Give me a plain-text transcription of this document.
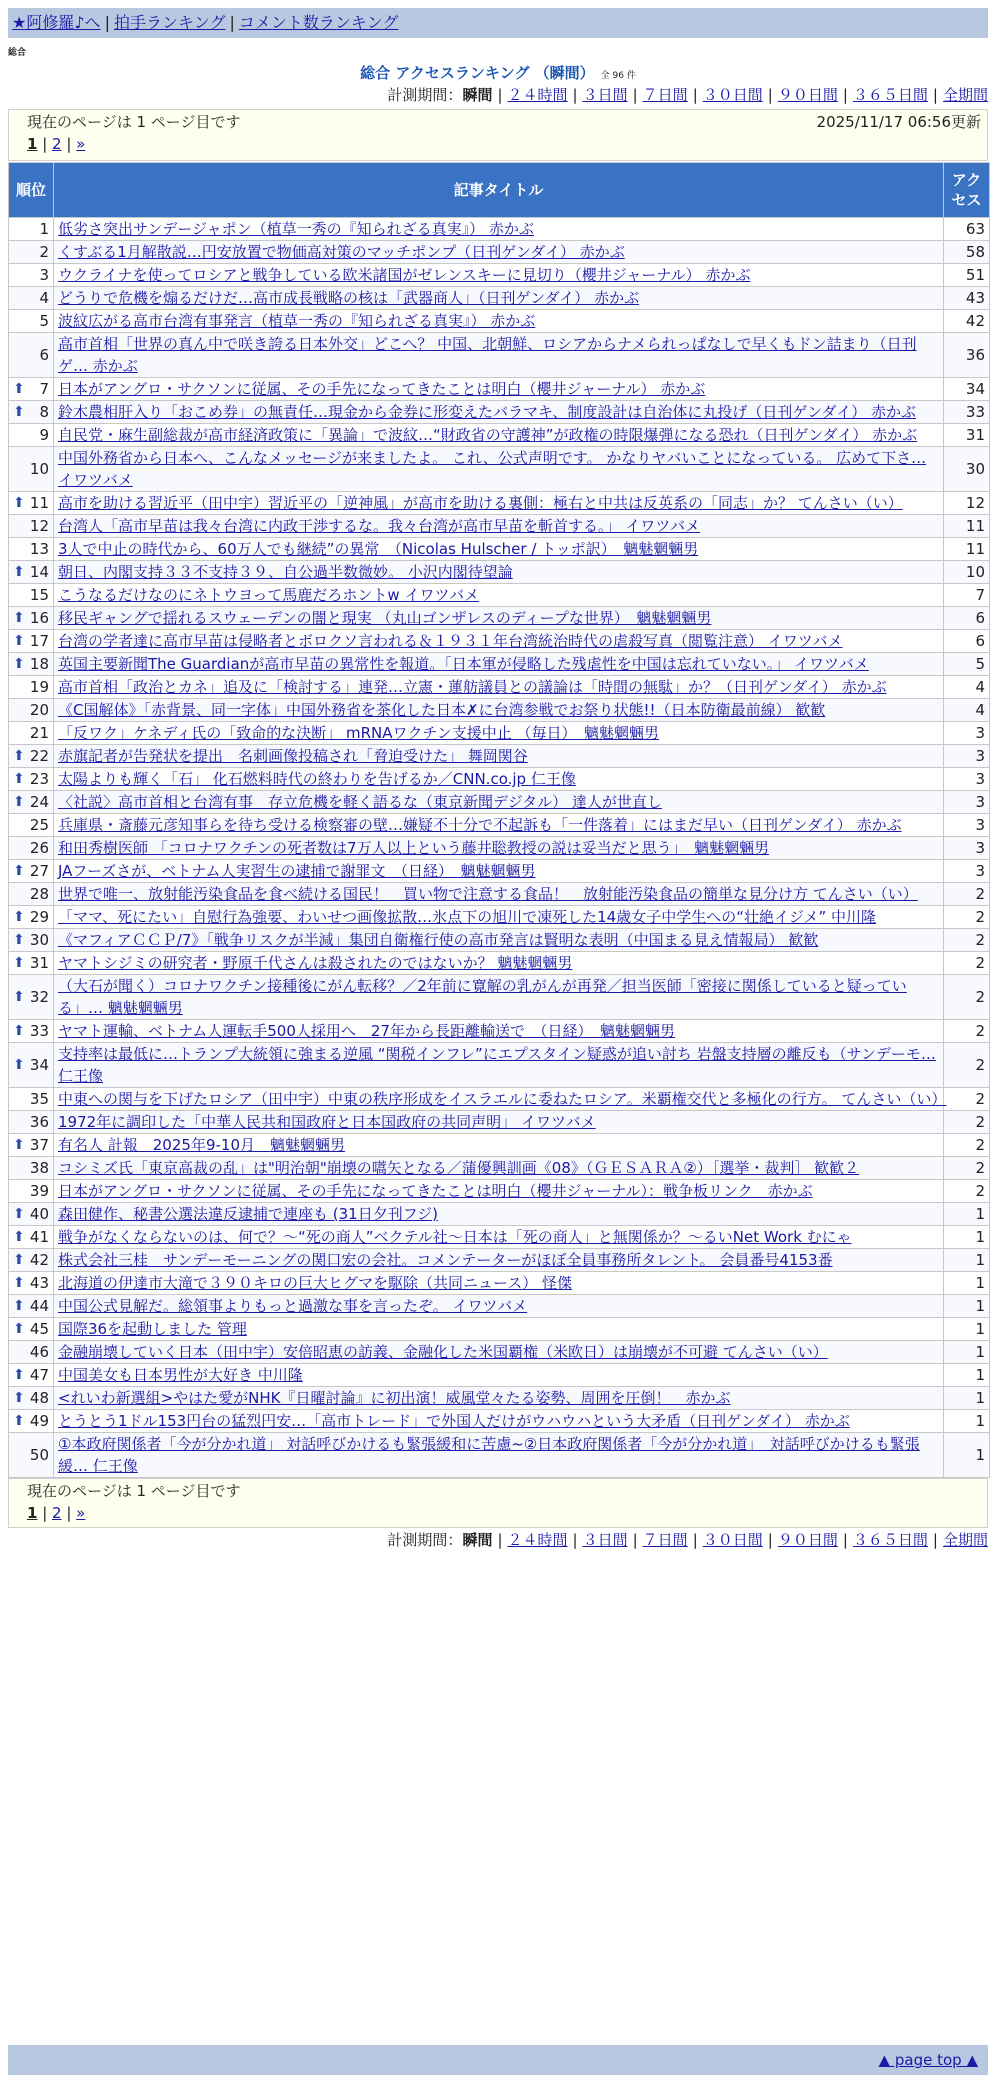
★阿修羅♪へ | 拍手ランキング | コメント数ランキング
総合
総合 アクセスランキング （瞬間） 全 96 件
計測期間：瞬間 | ２４時間 | ３日間 | ７日間 | ３０日間 | ９０日間 | ３６５日間 | 全期間
現在のページは 1 ページ目です	2025/11/17 06:56更新
1 | 2 | »
順位	記事タイトル	アクセス
1	低劣さ突出サンデージャポン（植草一秀の『知られざる真実』） 赤かぶ	63
2	くすぶる1月解散説…円安放置で物価高対策のマッチポンプ（日刊ゲンダイ） 赤かぶ	58
3	ウクライナを使ってロシアと戦争している欧米諸国がゼレンスキーに見切り（櫻井ジャーナル） 赤かぶ	51
4	どうりで危機を煽るだけだ…高市成長戦略の核は「武器商人」（日刊ゲンダイ） 赤かぶ	43
5	波紋広がる高市台湾有事発言（植草一秀の『知られざる真実』） 赤かぶ	42
6	高市首相「世界の真ん中で咲き誇る日本外交」どこへ？ 中国、北朝鮮、ロシアからナメられっぱなしで早くもドン詰まり（日刊ゲ… 赤かぶ	36

⬆ 7	日本がアングロ・サクソンに従属、その手先になってきたことは明白（櫻井ジャーナル） 赤かぶ	34

⬆ 8	鈴木農相肝入り「おこめ券」の無責任…現金から金券に形変えたバラマキ、制度設計は自治体に丸投げ（日刊ゲンダイ） 赤かぶ	33
9	自民党・麻生副総裁が高市経済政策に「異論」で波紋…“財政省の守護神”が政権の時限爆弾になる恐れ（日刊ゲンダイ） 赤かぶ	31
10	中国外務省から日本へ、こんなメッセージが来ましたよ。 これ、公式声明です。 かなりヤバいことになっている。 広めて下さ… イワツバメ	30

⬆ 11	高市を助ける習近平（田中宇）習近平の「逆神風」が高市を助ける裏側：極右と中共は反英系の「同志」か？ てんさい（い）	12
12	台湾人「高市早苗は我々台湾に内政干渉するな。我々台湾が高市早苗を斬首する。」 イワツバメ	11
13	3人で中止の時代から、60万人でも継続”の異常　（Nicolas Hulscher / トッポ訳）　魑魅魍魎男	11

⬆ 14	朝日、内閣支持３３不支持３９、自公過半数微妙。 小沢内閣待望論	10
15	こうなるだけなのにネトウヨって馬鹿だろホントw イワツバメ	7

⬆ 16	移民ギャングで揺れるスウェーデンの闇と現実 （丸山ゴンザレスのディープな世界）　魑魅魍魎男	6

⬆ 17	台湾の学者達に高市早苗は侵略者とボロクソ言われる＆１９３１年台湾統治時代の虐殺写真（閲覧注意） イワツバメ	6

⬆ 18	英国主要新聞The Guardianが高市早苗の異常性を報道。「日本軍が侵略した残虐性を中国は忘れていない。」 イワツバメ	5
19	高市首相「政治とカネ」追及に「検討する」連発…立憲・蓮舫議員との議論は「時間の無駄」か？（日刊ゲンダイ） 赤かぶ	4
20	《C国解体》「赤背景、同一字体」中国外務省を茶化した日本✗に台湾参戦でお祭り状態!!（日本防衛最前線） 歓歓	4
21	「反ワク」ケネディ氏の「致命的な決断」 mRNAワクチン支援中止 （毎日）　魑魅魍魎男	3

⬆ 22	赤旗記者が告発状を提出　名刺画像投稿され「脅迫受けた」 舞岡関谷	3

⬆ 23	太陽よりも輝く「石」 化石燃料時代の終わりを告げるか／CNN.co.jp 仁王像	3

⬆ 24	〈社説〉高市首相と台湾有事　存立危機を軽く語るな（東京新聞デジタル） 達人が世直し	3
25	兵庫県・斎藤元彦知事らを待ち受ける検察審の壁…嫌疑不十分で不起訴も「一件落着」にはまだ早い（日刊ゲンダイ） 赤かぶ	3
26	和田秀樹医師 「コロナワクチンの死者数は7万人以上という藤井聡教授の説は妥当だと思う」　魑魅魍魎男	3

⬆ 27	JAフーズさが、ベトナム人実習生の逮捕で謝罪文　（日経）　魑魅魍魎男	3
28	世界で唯一、放射能汚染食品を食べ続ける国民！　買い物で注意する食品！　放射能汚染食品の簡単な見分け方 てんさい（い）	2

⬆ 29	「ママ、死にたい」自慰行為強要、わいせつ画像拡散…氷点下の旭川で凍死した14歳女子中学生への“壮絶イジメ” 中川隆	2

⬆ 30	《マフィアＣＣＰ/7》「戦争リスクが半減」集団自衛権行使の高市発言は賢明な表明（中国まる見え情報局） 歓歓	2

⬆ 31	ヤマトシジミの研究者・野原千代さんは殺されたのではないか？ 魑魅魍魎男	2

⬆ 32	（大石が聞く）コロナワクチン接種後にがん転移？／2年前に寛解の乳がんが再発／担当医師「密接に関係していると疑っている」… 魑魅魍魎男	2

⬆ 33	ヤマト運輸、ベトナム人運転手500人採用へ　27年から長距離輸送で　（日経）　魑魅魍魎男	2

⬆ 34	支持率は最低に…トランプ大統領に強まる逆風 “関税インフレ”にエプスタイン疑惑が追い討ち 岩盤支持層の離反も（サンデーモ… 仁王像	2
35	中東への関与を下げたロシア（田中宇）中東の秩序形成をイスラエルに委ねたロシア。米覇権交代と多極化の行方。 てんさい（い）	2
36	1972年に調印した「中華人民共和国政府と日本国政府の共同声明」 イワツバメ	2

⬆ 37	有名人 計報　2025年9-10月　魑魅魍魎男	2
38	コシミズ氏「東京高裁の乱」は"明治朝"崩壊の嚆矢となる／蒲優興訓画《08》（ＧＥＳＡＲＡ②）［選挙・裁判］ 歓歓２	2
39	日本がアングロ・サクソンに従属、その手先になってきたことは明白（櫻井ジャーナル）：戦争板リンク　赤かぶ	2

⬆ 40	森田健作、秘書公選法違反逮捕で連座も (31日夕刊フジ)	1

⬆ 41	戦争がなくならないのは、何で？～“死の商人”ベクテル社～日本は「死の商人」と無関係か？～るいNet Work むにゃ	1

⬆ 42	株式会社三桂　サンデーモーニングの関口宏の会社。コメンテーターがほぼ全員事務所タレント。 会員番号4153番	1

⬆ 43	北海道の伊達市大滝で３９０キロの巨大ヒグマを駆除（共同ニュース） 怪傑	1

⬆ 44	中国公式見解だ。総領事よりもっと過激な事を言ったぞ。 イワツバメ	1

⬆ 45	国際36を起動しました 管理	1
46	金融崩壊していく日本（田中宇）安倍昭恵の訪義、金融化した米国覇権（米欧日）は崩壊が不可避 てんさい（い）	1

⬆ 47	中国美女も日本男性が大好き 中川隆	1

⬆ 48	<れいわ新選組>やはた愛がNHK『日曜討論』に初出演！威風堂々たる姿勢、周囲を圧倒！　赤かぶ	1

⬆ 49	とうとう1ドル153円台の猛烈円安…「高市トレード」で外国人だけがウハウハという大矛盾（日刊ゲンダイ） 赤かぶ	1
50	①本政府関係者「今が分かれ道」 対話呼びかけるも緊張緩和に苦慮~②日本政府関係者「今が分かれ道」　対話呼びかけるも緊張緩… 仁王像	1
現在のページは 1 ページ目です
1 | 2 | »
計測期間：瞬間 | ２４時間 | ３日間 | ７日間 | ３０日間 | ９０日間 | ３６５日間 | 全期間
▲ page top ▲
